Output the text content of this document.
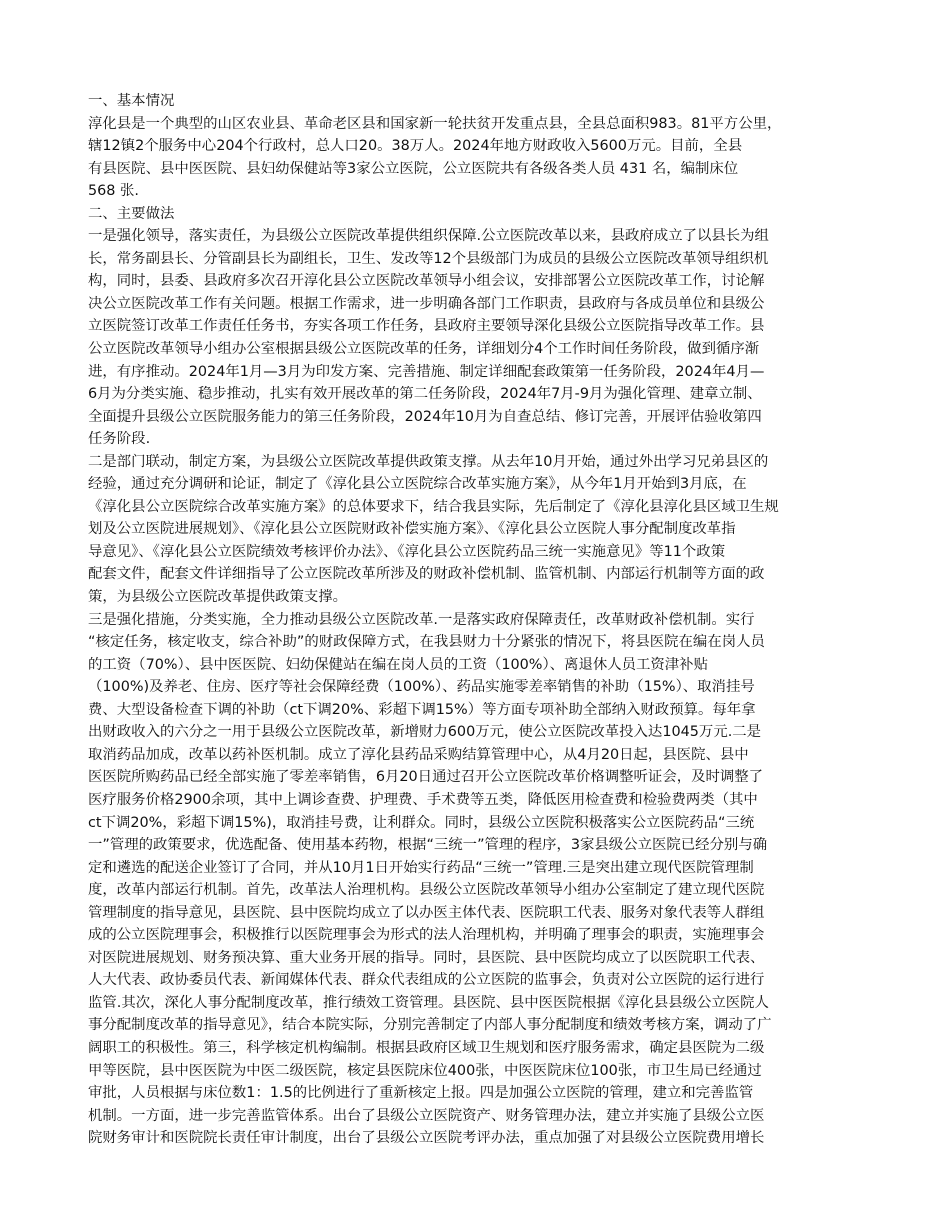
一、基本情况
淳化县是一个典型的山区农业县、革命老区县和国家新一轮扶贫开发重点县，全县总面积983。81平方公里，
辖12镇2个服务中心204个行政村，总人口20。38万人。2024年地方财政收入5600万元。目前，全县
有县医院、县中医医院、县妇幼保健站等3家公立医院，公立医院共有各级各类人员 431 名，编制床位
568 张.
二、主要做法
一是强化领导，落实责任，为县级公立医院改革提供组织保障.公立医院改革以来，县政府成立了以县长为组
长，常务副县长、分管副县长为副组长，卫生、发改等12个县级部门为成员的县级公立医院改革领导组织机
构，同时，县委、县政府多次召开淳化县公立医院改革领导小组会议，安排部署公立医院改革工作，讨论解
决公立医院改革工作有关问题。根据工作需求，进一步明确各部门工作职责，县政府与各成员单位和县级公
立医院签订改革工作责任任务书，夯实各项工作任务，县政府主要领导深化县级公立医院指导改革工作。县
公立医院改革领导小组办公室根据县级公立医院改革的任务，详细划分4个工作时间任务阶段，做到循序渐
进，有序推动。2024年1月—3月为印发方案、完善措施、制定详细配套政策第一任务阶段，2024年4月—
6月为分类实施、稳步推动，扎实有效开展改革的第二任务阶段，2024年7月-9月为强化管理、建章立制、
全面提升县级公立医院服务能力的第三任务阶段，2024年10月为自查总结、修订完善，开展评估验收第四
任务阶段.
二是部门联动，制定方案，为县级公立医院改革提供政策支撑。从去年10月开始，通过外出学习兄弟县区的
经验，通过充分调研和论证，制定了《淳化县公立医院综合改革实施方案》，从今年1月开始到3月底，在
《淳化县公立医院综合改革实施方案》的总体要求下，结合我县实际，先后制定了《淳化县淳化县区域卫生规
划及公立医院进展规划》、《淳化县公立医院财政补偿实施方案》、《淳化县公立医院人事分配制度改革指
导意见》、《淳化县公立医院绩效考核评价办法》、《淳化县公立医院药品三统一实施意见》等11个政策
配套文件，配套文件详细指导了公立医院改革所涉及的财政补偿机制、监管机制、内部运行机制等方面的政
策，为县级公立医院改革提供政策支撑。
三是强化措施，分类实施，全力推动县级公立医院改革.一是落实政府保障责任，改革财政补偿机制。实行
“核定任务，核定收支，综合补助”的财政保障方式，在我县财力十分紧张的情况下，将县医院在编在岗人员
的工资（70%）、县中医医院、妇幼保健站在编在岗人员的工资（100%）、离退休人员工资津补贴
（100%)及养老、住房、医疗等社会保障经费（100%）、药品实施零差率销售的补助（15%）、取消挂号
费、大型设备检查下调的补助（ct下调20%、彩超下调15%）等方面专项补助全部纳入财政预算。每年拿
出财政收入的六分之一用于县级公立医院改革，新增财力600万元，使公立医院改革投入达1045万元.二是
取消药品加成，改革以药补医机制。成立了淳化县药品采购结算管理中心，从4月20日起，县医院、县中
医医院所购药品已经全部实施了零差率销售，6月20日通过召开公立医院改革价格调整听证会，及时调整了
医疗服务价格2900余项，其中上调诊查费、护理费、手术费等五类，降低医用检查费和检验费两类（其中
ct下调20%，彩超下调15%)，取消挂号费，让利群众。同时，县级公立医院积极落实公立医院药品“三统
一”管理的政策要求，优选配备、使用基本药物，根据“三统一”管理的程序，3家县级公立医院已经分别与确
定和遴选的配送企业签订了合同，并从10月1日开始实行药品“三统一”管理.三是突出建立现代医院管理制
度，改革内部运行机制。首先，改革法人治理机构。县级公立医院改革领导小组办公室制定了建立现代医院
管理制度的指导意见，县医院、县中医院均成立了以办医主体代表、医院职工代表、服务对象代表等人群组
成的公立医院理事会，积极推行以医院理事会为形式的法人治理机构，并明确了理事会的职责，实施理事会
对医院进展规划、财务预决算、重大业务开展的指导。同时，县医院、县中医院均成立了以医院职工代表、
人大代表、政协委员代表、新闻媒体代表、群众代表组成的公立医院的监事会，负责对公立医院的运行进行
监管.其次，深化人事分配制度改革，推行绩效工资管理。县医院、县中医医院根据《淳化县县级公立医院人
事分配制度改革的指导意见》，结合本院实际，分别完善制定了内部人事分配制度和绩效考核方案，调动了广
阔职工的积极性。第三，科学核定机构编制。根据县政府区域卫生规划和医疗服务需求，确定县医院为二级
甲等医院，县中医医院为中医二级医院，核定县医院床位400张，中医医院床位100张，市卫生局已经通过
审批，人员根据与床位数1：1.5的比例进行了重新核定上报。四是加强公立医院的管理，建立和完善监管
机制。一方面，进一步完善监管体系。出台了县级公立医院资产、财务管理办法，建立并实施了县级公立医
院财务审计和医院院长责任审计制度，出台了县级公立医院考评办法，重点加强了对县级公立医院费用增长
